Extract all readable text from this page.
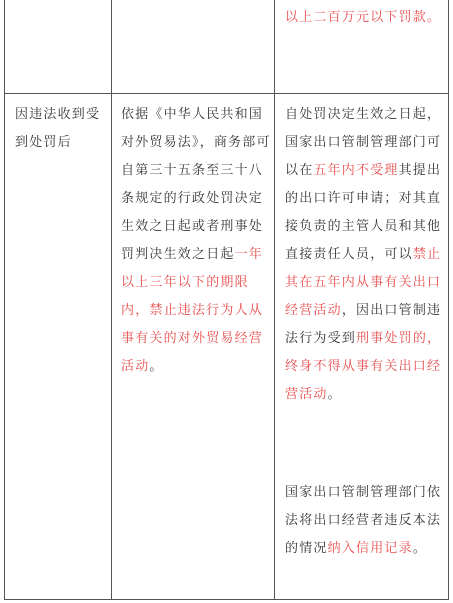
以上二百万元以下罚款。
因违法收到受到处罚后
依据《中华人民共和国对外贸易法》，商务部可自第三十五条至三十八条规定的行政处罚决定生效之日起或者刑事处罚判决生效之日起一年以上三年以下的期限内，禁止违法行为人从事有关的对外贸易经营活动。
自处罚决定生效之日起，国家出口管制管理部门可以在五年内不受理其提出的出口许可申请；对其直接负责的主管人员和其他直接责任人员，可以禁止其在五年内从事有关出口经营活动，因出口管制违法行为受到刑事处罚的，终身不得从事有关出口经营活动。
国家出口管制管理部门依法将出口经营者违反本法的情况纳入信用记录。
